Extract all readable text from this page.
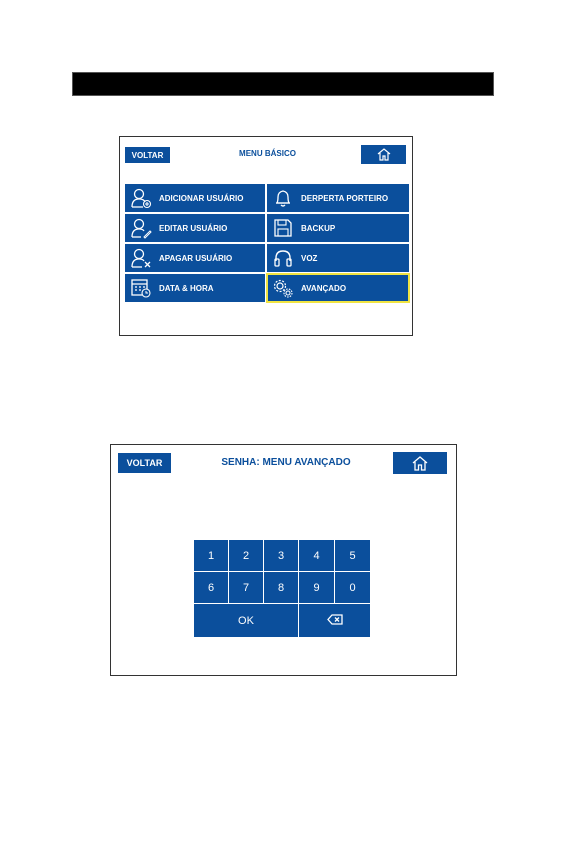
VOLTAR	MENU BÁSICO
ADICIONAR USUÁRIO	DERPERTA PORTEIRO
EDITAR USUÁRIO	BACKUP
APAGAR USUÁRIO	VOZ
DATA & HORA	AVANÇADO
VOLTAR	SENHA: MENU AVANÇADO
1	2	3	4	5
6	7	8	9	0
OK
